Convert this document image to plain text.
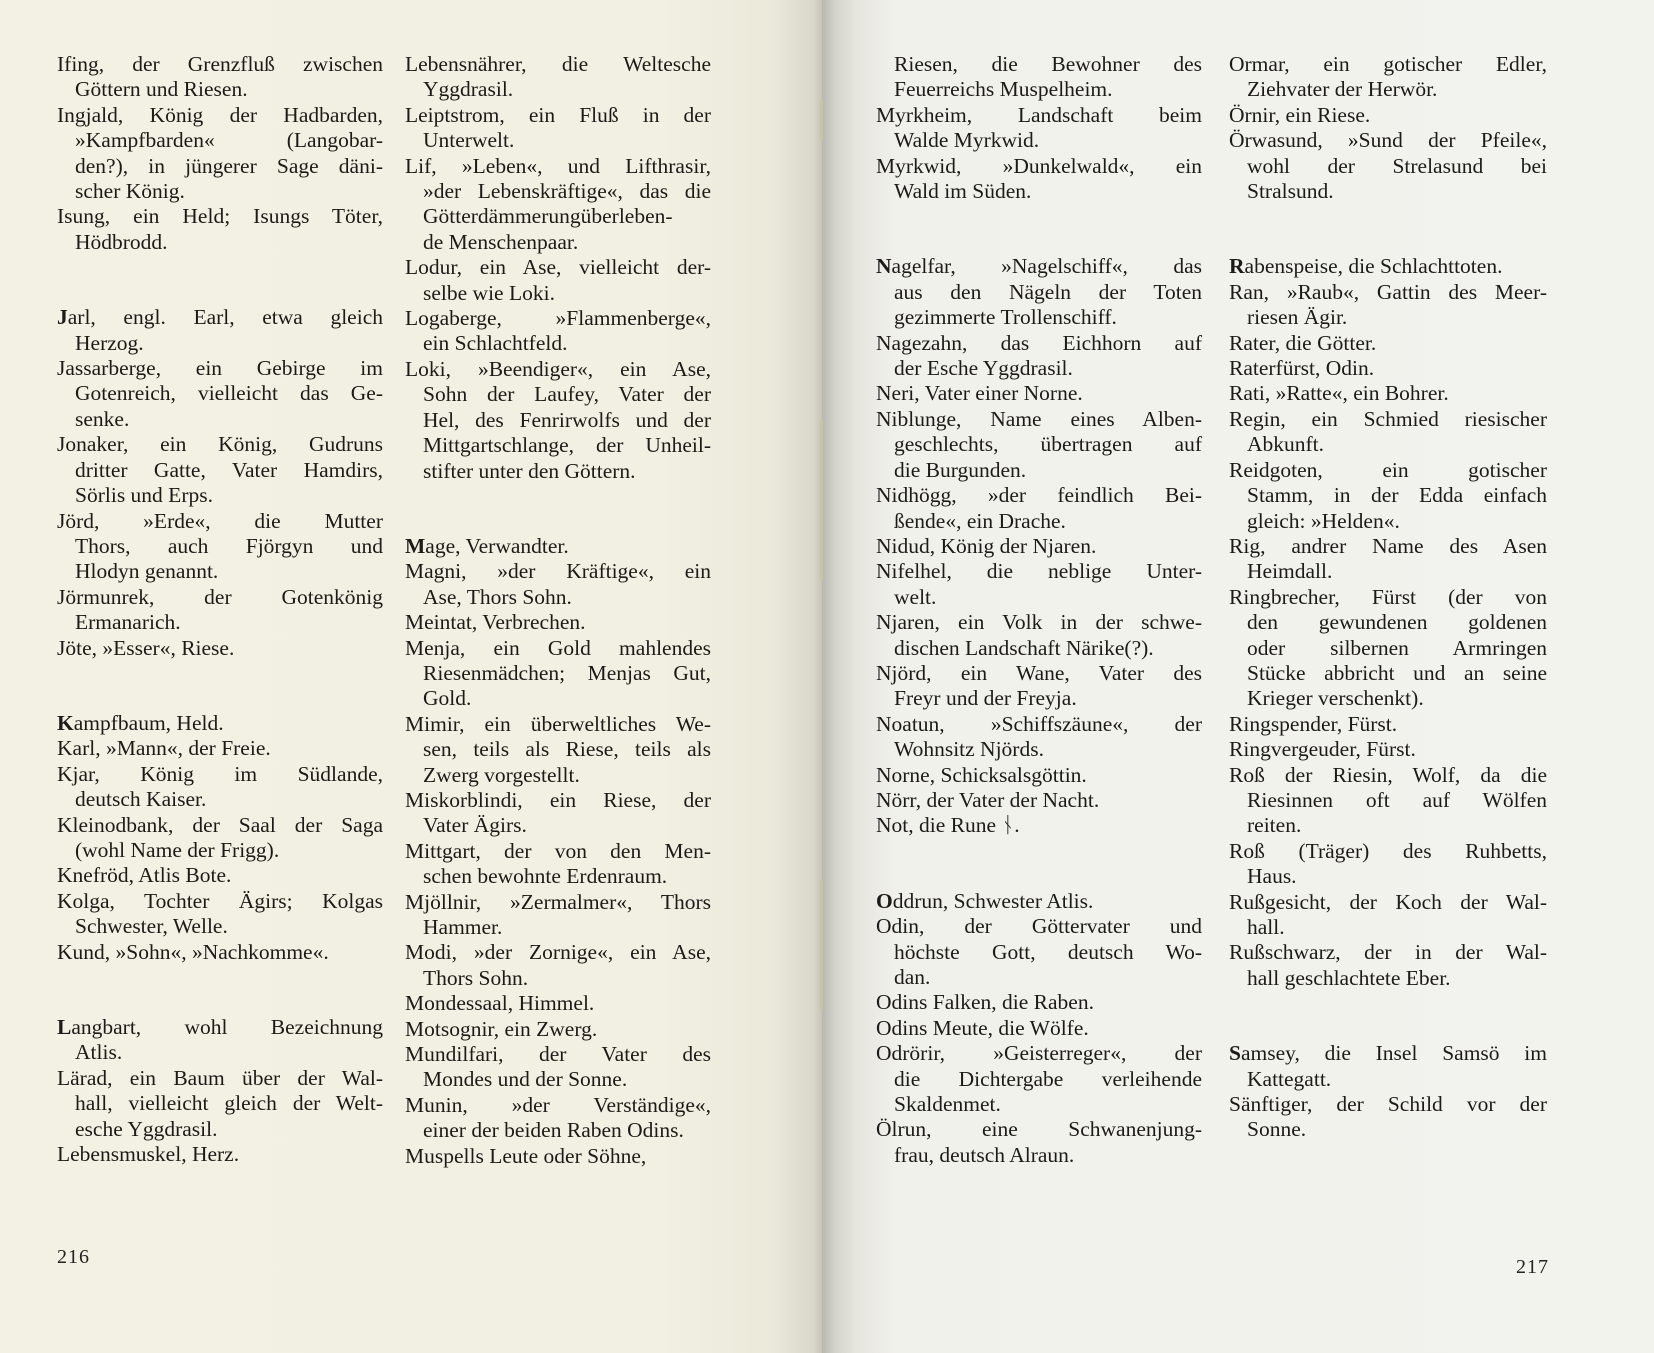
Ifing, der Grenzfluß zwischen
Göttern und Riesen.

Ingjald, König der Hadbarden,
»Kampfbarden« (Langobar-
den?), in jüngerer Sage däni-
scher König.

Isung, ein Held; Isungs Töter,
Hödbrodd.

Jarl, engl. Earl, etwa gleich
Herzog.

Jassarberge, ein Gebirge im
Gotenreich, vielleicht das Ge-
senke.

Jonaker, ein König, Gudruns
dritter Gatte, Vater Hamdirs,
Sörlis und Erps.

Jörd, »Erde«, die Mutter
Thors, auch Fjörgyn und
Hlodyn genannt.

Jörmunrek, der Gotenkönig
Ermanarich.

Jöte, »Esser«, Riese.

Kampfbaum, Held.

Karl, »Mann«, der Freie.

Kjar, König im Südlande,
deutsch Kaiser.

Kleinodbank, der Saal der Saga
(wohl Name der Frigg).

Knefröd, Atlis Bote.

Kolga, Tochter Ägirs; Kolgas
Schwester, Welle.

Kund, »Sohn«, »Nachkomme«.

Langbart, wohl Bezeichnung
Atlis.

Lärad, ein Baum über der Wal-
hall, vielleicht gleich der Welt-
esche Yggdrasil.

Lebensmuskel, Herz.

Lebensnährer, die Weltesche
Yggdrasil.

Leiptstrom, ein Fluß in der
Unterwelt.

Lif, »Leben«, und Lifthrasir,
»der Lebenskräftige«, das die
Götterdämmerungüberleben-
de Menschenpaar.

Lodur, ein Ase, vielleicht der-
selbe wie Loki.

Logaberge, »Flammenberge«,
ein Schlachtfeld.

Loki, »Beendiger«, ein Ase,
Sohn der Laufey, Vater der
Hel, des Fenrirwolfs und der
Mittgartschlange, der Unheil-
stifter unter den Göttern.

Mage, Verwandter.

Magni, »der Kräftige«, ein
Ase, Thors Sohn.

Meintat, Verbrechen.

Menja, ein Gold mahlendes
Riesenmädchen; Menjas Gut,
Gold.

Mimir, ein überweltliches We-
sen, teils als Riese, teils als
Zwerg vorgestellt.

Miskorblindi, ein Riese, der
Vater Ägirs.

Mittgart, der von den Men-
schen bewohnte Erdenraum.

Mjöllnir, »Zermalmer«, Thors
Hammer.

Modi, »der Zornige«, ein Ase,
Thors Sohn.

Mondessaal, Himmel.

Motsognir, ein Zwerg.

Mundilfari, der Vater des
Mondes und der Sonne.

Munin, »der Verständige«,
einer der beiden Raben Odins.

Muspells Leute oder Söhne,

216

Riesen, die Bewohner des
Feuerreichs Muspelheim.

Myrkheim, Landschaft beim
Walde Myrkwid.

Myrkwid, »Dunkelwald«, ein
Wald im Süden.

Nagelfar, »Nagelschiff«, das
aus den Nägeln der Toten
gezimmerte Trollenschiff.

Nagezahn, das Eichhorn auf
der Esche Yggdrasil.

Neri, Vater einer Norne.

Niblunge, Name eines Alben-
geschlechts, übertragen auf
die Burgunden.

Nidhögg, »der feindlich Bei-
ßende«, ein Drache.

Nidud, König der Njaren.

Nifelhel, die neblige Unter-
welt.

Njaren, ein Volk in der schwe-
dischen Landschaft Närike(?).

Njörd, ein Wane, Vater des
Freyr und der Freyja.

Noatun, »Schiffszäune«, der
Wohnsitz Njörds.

Norne, Schicksalsgöttin.

Nörr, der Vater der Nacht.

Not, die Rune ᚾ.

Oddrun, Schwester Atlis.

Odin, der Göttervater und
höchste Gott, deutsch Wo-
dan.

Odins Falken, die Raben.

Odins Meute, die Wölfe.

Odrörir, »Geisterreger«, der
die Dichtergabe verleihende
Skaldenmet.

Ölrun, eine Schwanenjung-
frau, deutsch Alraun.

Ormar, ein gotischer Edler,
Ziehvater der Herwör.

Örnir, ein Riese.

Örwasund, »Sund der Pfeile«,
wohl der Strelasund bei
Stralsund.

Rabenspeise, die Schlachttoten.

Ran, »Raub«, Gattin des Meer-
riesen Ägir.

Rater, die Götter.

Raterfürst, Odin.

Rati, »Ratte«, ein Bohrer.

Regin, ein Schmied riesischer
Abkunft.

Reidgoten, ein gotischer
Stamm, in der Edda einfach
gleich: »Helden«.

Rig, andrer Name des Asen
Heimdall.

Ringbrecher, Fürst (der von
den gewundenen goldenen
oder silbernen Armringen
Stücke abbricht und an seine
Krieger verschenkt).

Ringspender, Fürst.

Ringvergeuder, Fürst.

Roß der Riesin, Wolf, da die
Riesinnen oft auf Wölfen
reiten.

Roß (Träger) des Ruhbetts,
Haus.

Rußgesicht, der Koch der Wal-
hall.

Rußschwarz, der in der Wal-
hall geschlachtete Eber.

Samsey, die Insel Samsö im
Kattegatt.

Sänftiger, der Schild vor der
Sonne.

217
